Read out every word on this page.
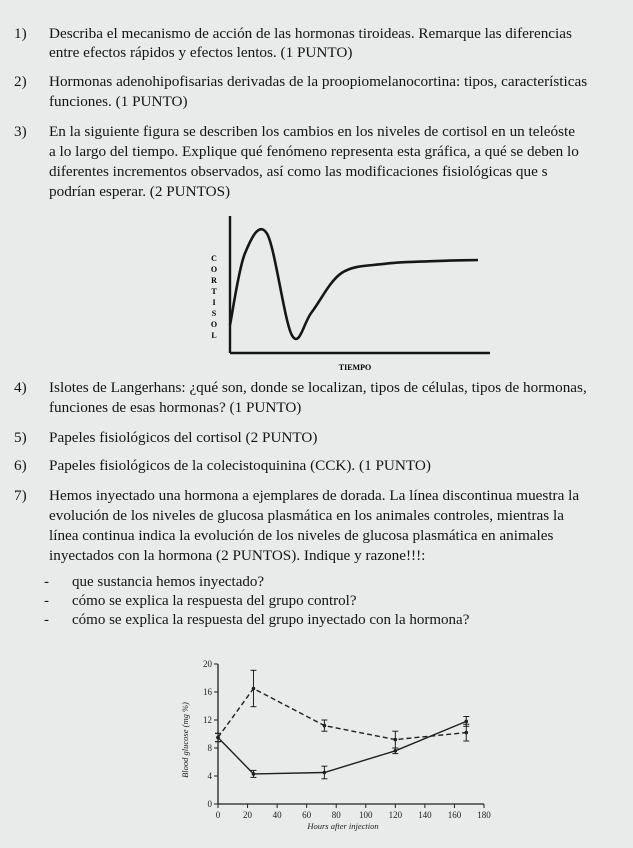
1) Describa el mecanismo de acción de las hormonas tiroideas. Remarque las diferencias
entre efectos rápidos y efectos lentos. (1 PUNTO)
2) Hormonas adenohipofisarias derivadas de la proopiomelanocortina: tipos, características
funciones. (1 PUNTO)
3) En la siguiente figura se describen los cambios en los niveles de cortisol en un teleóste
a lo largo del tiempo. Explique qué fenómeno representa esta gráfica, a qué se deben lo
diferentes incrementos observados, así como las modificaciones fisiológicas que s
podrían esperar. (2 PUNTOS)
C
O
R
T
I
S
O
L
TIEMPO
4) Islotes de Langerhans: ¿qué son, donde se localizan, tipos de células, tipos de hormonas,
funciones de esas hormonas? (1 PUNTO)
5) Papeles fisiológicos del cortisol (2 PUNTO)
6) Papeles fisiológicos de la colecistoquinina (CCK). (1 PUNTO)
7) Hemos inyectado una hormona a ejemplares de dorada. La línea discontinua muestra la
evolución de los niveles de glucosa plasmática en los animales controles, mientras la
línea continua indica la evolución de los niveles de glucosa plasmática en animales
inyectados con la hormona (2 PUNTOS). Indique y razone!!!:
- que sustancia hemos inyectado?
- cómo se explica la respuesta del grupo control?
- cómo se explica la respuesta del grupo inyectado con la hormona?
0
4
8
12
16
20
0	20 40 60 80 100 120 140 160 180
Hours after injection
Blood glucose (mg %)
